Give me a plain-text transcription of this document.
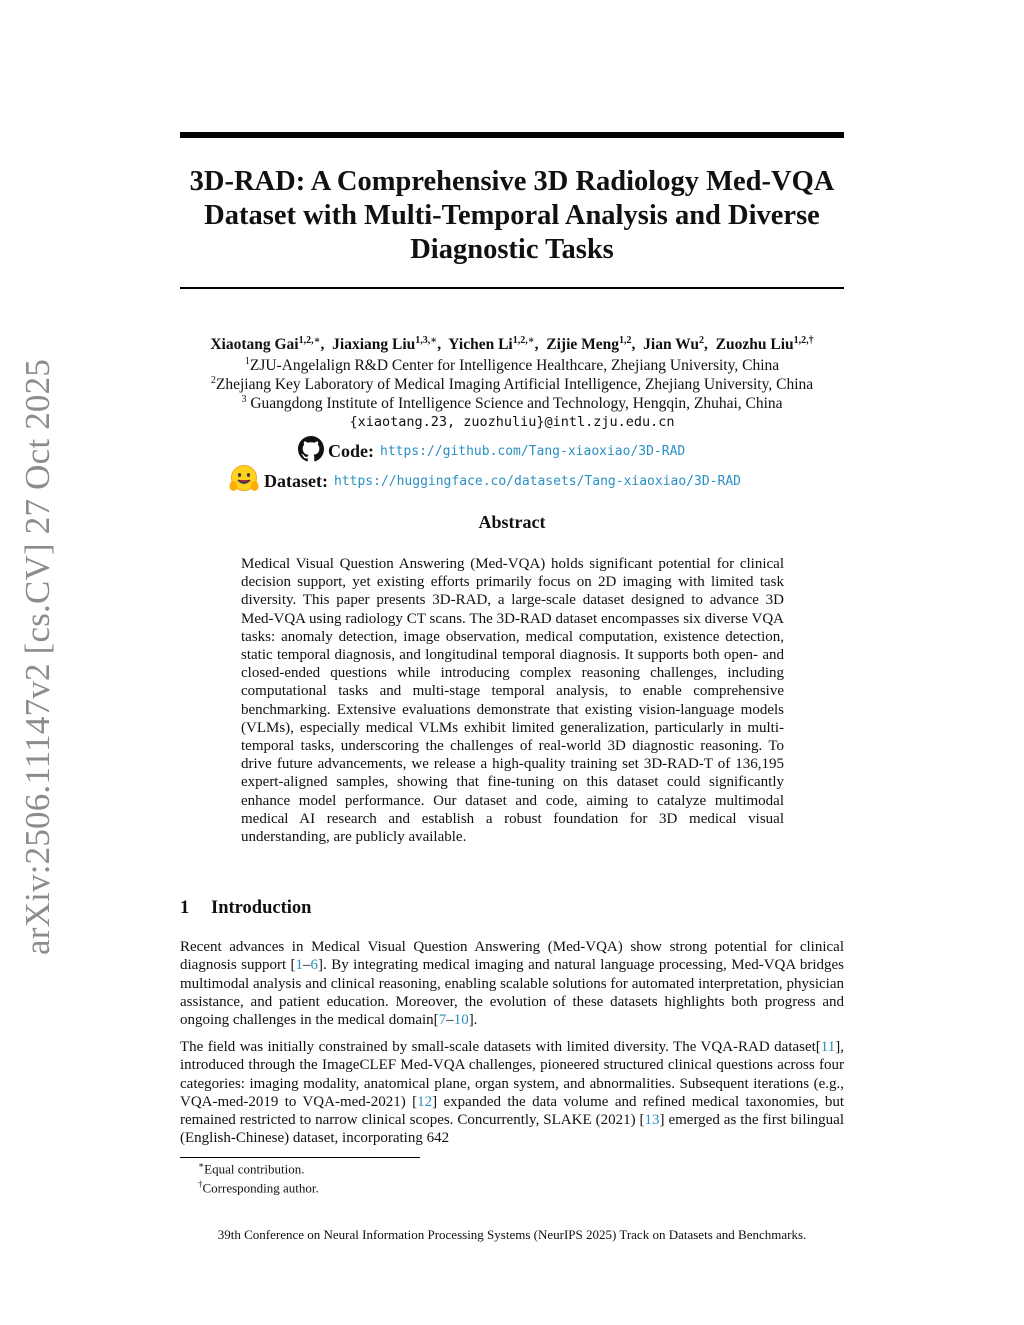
arXiv:2506.11147v2 [cs.CV] 27 Oct 2025
3D-RAD: A Comprehensive 3D Radiology Med-VQA
Dataset with Multi-Temporal Analysis and Diverse
Diagnostic Tasks
Xiaotang Gai$^{1,2,∗}$,  Jiaxiang Liu$^{1,3,∗}$,  Yichen $Li^{1,2,∗}$,  Zijie Meng$^{1,2}$,  Jian Wu$^2$,  Zuozhu Liu$^{1,2,\dagger}$
$^1$ZJU-Angelalign R&D Center for Intelligence Healthcare, Zhejiang University, China
$^2$Zhejiang Key Laboratory of Medical Imaging Artificial Intelligence, Zhejiang University, China
$^3$ Guangdong Institute of Intelligence Science and Technology, Hengqin, Zhuhai, China
{xiaotang.23, zuozhuliu}@intl.zju.edu.cn
Code: https://github.com/Tang-xiaoxiao/3D-RAD
Dataset: https://huggingface.co/datasets/Tang-xiaoxiao/3D-RAD
Abstract
Medical Visual Question Answering (Med-VQA) holds significant potential for clinical decision support, yet existing efforts primarily focus on 2D imaging with limited task diversity. This paper presents 3D-RAD, a large-scale dataset designed to advance 3D Med-VQA using radiology CT scans. The 3D-RAD dataset encompasses six diverse VQA tasks: anomaly detection, image observation, medical computation, existence detection, static temporal diagnosis, and longitudinal temporal diagnosis. It supports both open- and closed-ended questions while introducing complex reasoning challenges, including computational tasks and multi-stage temporal analysis, to enable comprehensive benchmarking. Extensive evaluations demonstrate that existing vision-language models (VLMs), especially medical VLMs exhibit limited generalization, particularly in multi-temporal tasks, underscoring the challenges of real-world 3D diagnostic reasoning. To drive future advancements, we release a high-quality training set 3D-RAD-T of 136,195 expert-aligned samples, showing that fine-tuning on this dataset could significantly enhance model performance. Our dataset and code, aiming to catalyze multimodal medical AI research and establish a robust foundation for 3D medical visual understanding, are publicly available.
1 Introduction
Recent advances in Medical Visual Question Answering (Med-VQA) show strong potential for clinical diagnosis support [1–6]. By integrating medical imaging and natural language processing, Med-VQA bridges multimodal analysis and clinical reasoning, enabling scalable solutions for automated interpretation, physician assistance, and patient education. Moreover, the evolution of these datasets highlights both progress and ongoing challenges in the medical domain[7–10].
The field was initially constrained by small-scale datasets with limited diversity. The VQA-RAD dataset[11], introduced through the ImageCLEF Med-VQA challenges, pioneered structured clinical questions across four categories: imaging modality, anatomical plane, organ system, and abnormalities. Subsequent iterations (e.g., VQA-med-2019 to VQA-med-2021) [12] expanded the data volume and refined medical taxonomies, but remained restricted to narrow clinical scopes. Concurrently, SLAKE (2021) [13] emerged as the first bilingual (English-Chinese) dataset, incorporating 642
∗Equal contribution.
†Corresponding author.
39th Conference on Neural Information Processing Systems (NeurIPS 2025) Track on Datasets and Benchmarks.
